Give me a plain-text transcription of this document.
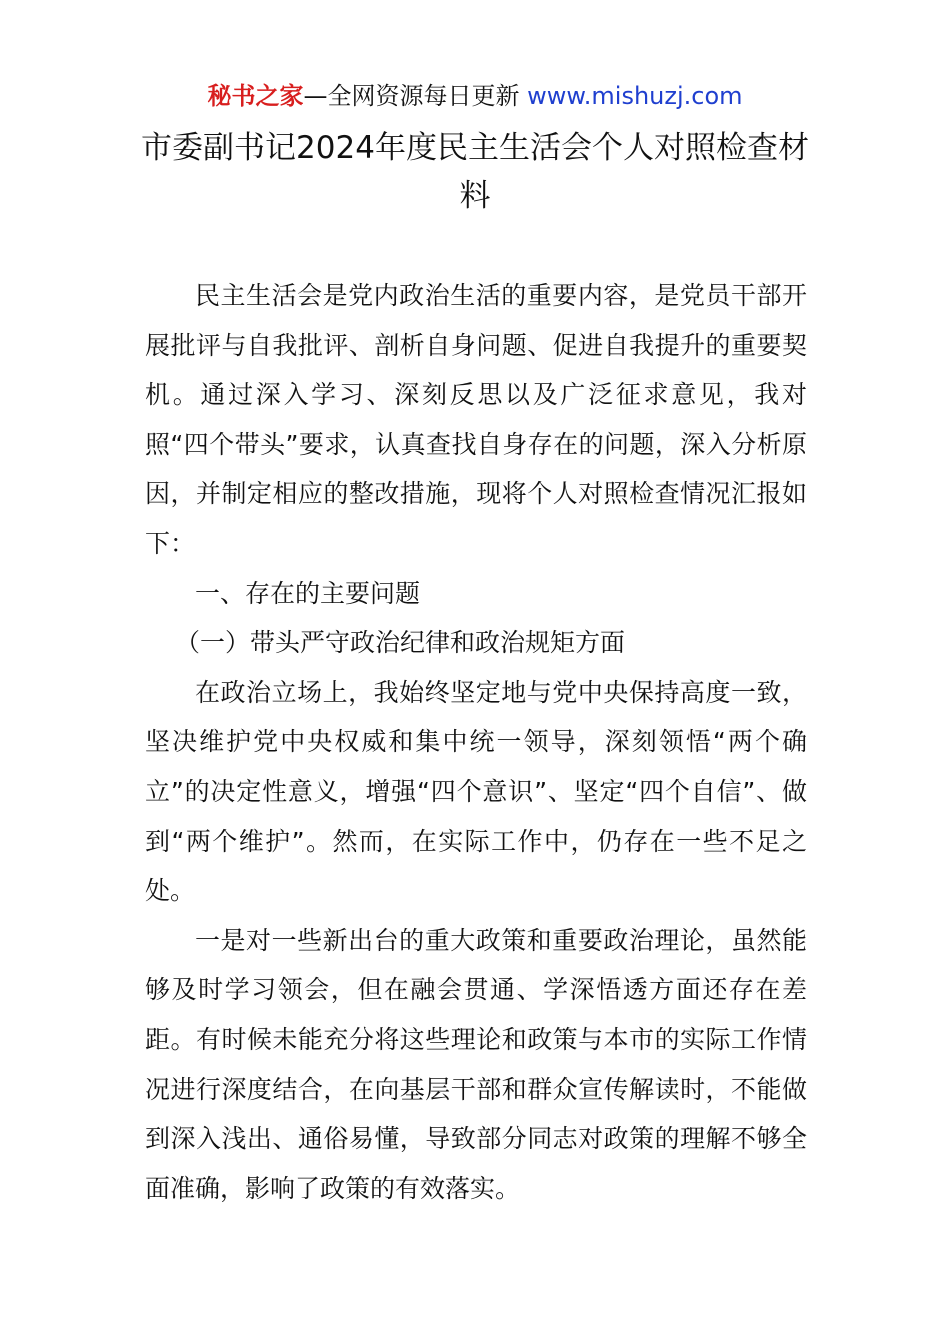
秘书之家—全网资源每日更新 www.mishuzj.com
市委副书记2024年度民主生活会个人对照检查材料

民主生活会是党内政治生活的重要内容，是党员干部开展批评与自我批评、剖析自身问题、促进自我提升的重要契机。通过深入学习、深刻反思以及广泛征求意见，我对照“四个带头”要求，认真查找自身存在的问题，深入分析原因，并制定相应的整改措施，现将个人对照检查情况汇报如下：

一、存在的主要问题

（一）带头严守政治纪律和政治规矩方面

在政治立场上，我始终坚定地与党中央保持高度一致，坚决维护党中央权威和集中统一领导，深刻领悟“两个确立”的决定性意义，增强“四个意识”、坚定“四个自信”、做到“两个维护”。然而，在实际工作中，仍存在一些不足之处。

一是对一些新出台的重大政策和重要政治理论，虽然能够及时学习领会，但在融会贯通、学深悟透方面还存在差距。有时候未能充分将这些理论和政策与本市的实际工作情况进行深度结合，在向基层干部和群众宣传解读时，不能做到深入浅出、通俗易懂，导致部分同志对政策的理解不够全面准确，影响了政策的有效落实。
